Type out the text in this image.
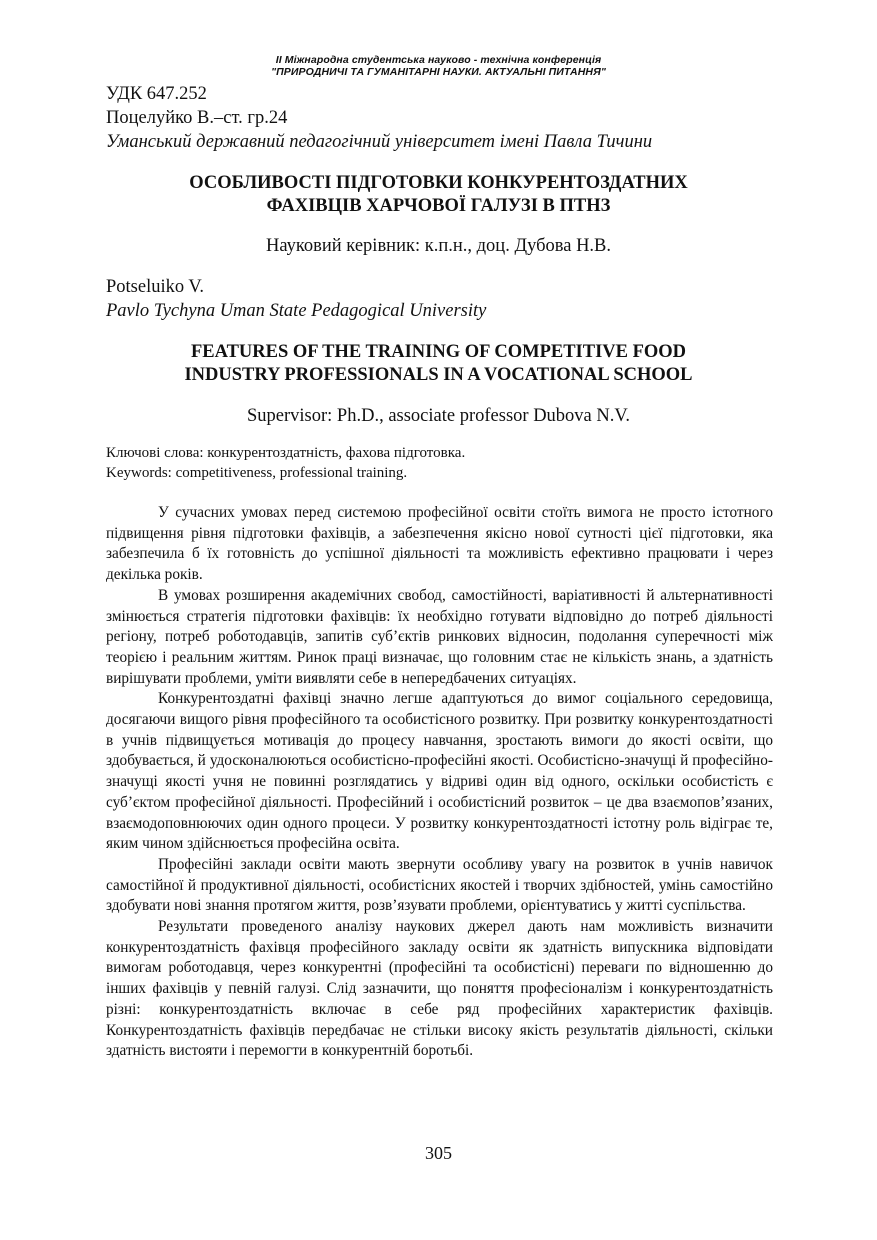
II Міжнародна студентська науково - технічна конференція
"ПРИРОДНИЧІ ТА ГУМАНІТАРНІ НАУКИ. АКТУАЛЬНІ ПИТАННЯ"
УДК 647.252
Поцелуйко В.–ст. гр.24
Уманський державний педагогічний університет імені Павла Тичини
ОСОБЛИВОСТІ ПІДГОТОВКИ КОНКУРЕНТОЗДАТНИХ
ФАХІВЦІВ ХАРЧОВОЇ ГАЛУЗІ В ПТНЗ
Науковий керівник: к.п.н., доц. Дубова Н.В.
Potseluiko V.
Pavlo Tychyna Uman State Pedagogical University
FEATURES OF THE TRAINING OF COMPETITIVE FOOD
INDUSTRY PROFESSIONALS IN A VOCATIONAL SCHOOL
Supervisor: Ph.D., associate professor Dubova N.V.
Ключові слова: конкурентоздатність, фахова підготовка.
Keywords: competitiveness, professional training.

У сучасних умовах перед системою професійної освіти стоїть вимога не просто істотного підвищення рівня підготовки фахівців, а забезпечення якісно нової сутності цієї підготовки, яка забезпечила б їх готовність до успішної діяльності та можливість ефективно працювати і через декілька років.

В умовах розширення академічних свобод, самостійності, варіативності й альтернативності змінюється стратегія підготовки фахівців: їх необхідно готувати відповідно до потреб діяльності регіону, потреб роботодавців, запитів суб’єктів ринкових відносин, подолання суперечності між теорією і реальним життям. Ринок праці визначає, що головним стає не кількість знань, а здатність вирішувати проблеми, уміти виявляти себе в непередбачених ситуаціях.

Конкурентоздатні фахівці значно легше адаптуються до вимог соціального середовища, досягаючи вищого рівня професійного та особистісного розвитку. При розвитку конкурентоздатності в учнів підвищується мотивація до процесу навчання, зростають вимоги до якості освіти, що здобувається, й удосконалюються особистісно-професійні якості. Особистісно-значущі й професійно-значущі якості учня не повинні розглядатись у відриві один від одного, оскільки особистість є суб’єктом професійної діяльності. Професійний і особистісний розвиток – це два взаємопов’язаних, взаємодоповнюючих один одного процеси. У розвитку конкурентоздатності істотну роль відіграє те, яким чином здійснюється професійна освіта.

Професійні заклади освіти мають звернути особливу увагу на розвиток в учнів навичок самостійної й продуктивної діяльності, особистісних якостей і творчих здібностей, умінь самостійно здобувати нові знання протягом життя, розв’язувати проблеми, орієнтуватись у житті суспільства.

Результати проведеного аналізу наукових джерел дають нам можливість визначити конкурентоздатність фахівця професійного закладу освіти як здатність випускника відповідати вимогам роботодавця, через конкурентні (професійні та особистісні) переваги по відношенню до інших фахівців у певній галузі. Слід зазначити, що поняття професіоналізм і конкурентоздатність різні: конкурентоздатність включає в себе ряд професійних характеристик фахівців. Конкурентоздатність фахівців передбачає не стільки високу якість результатів діяльності, скільки здатність вистояти і перемогти в конкурентній боротьбі.

305
